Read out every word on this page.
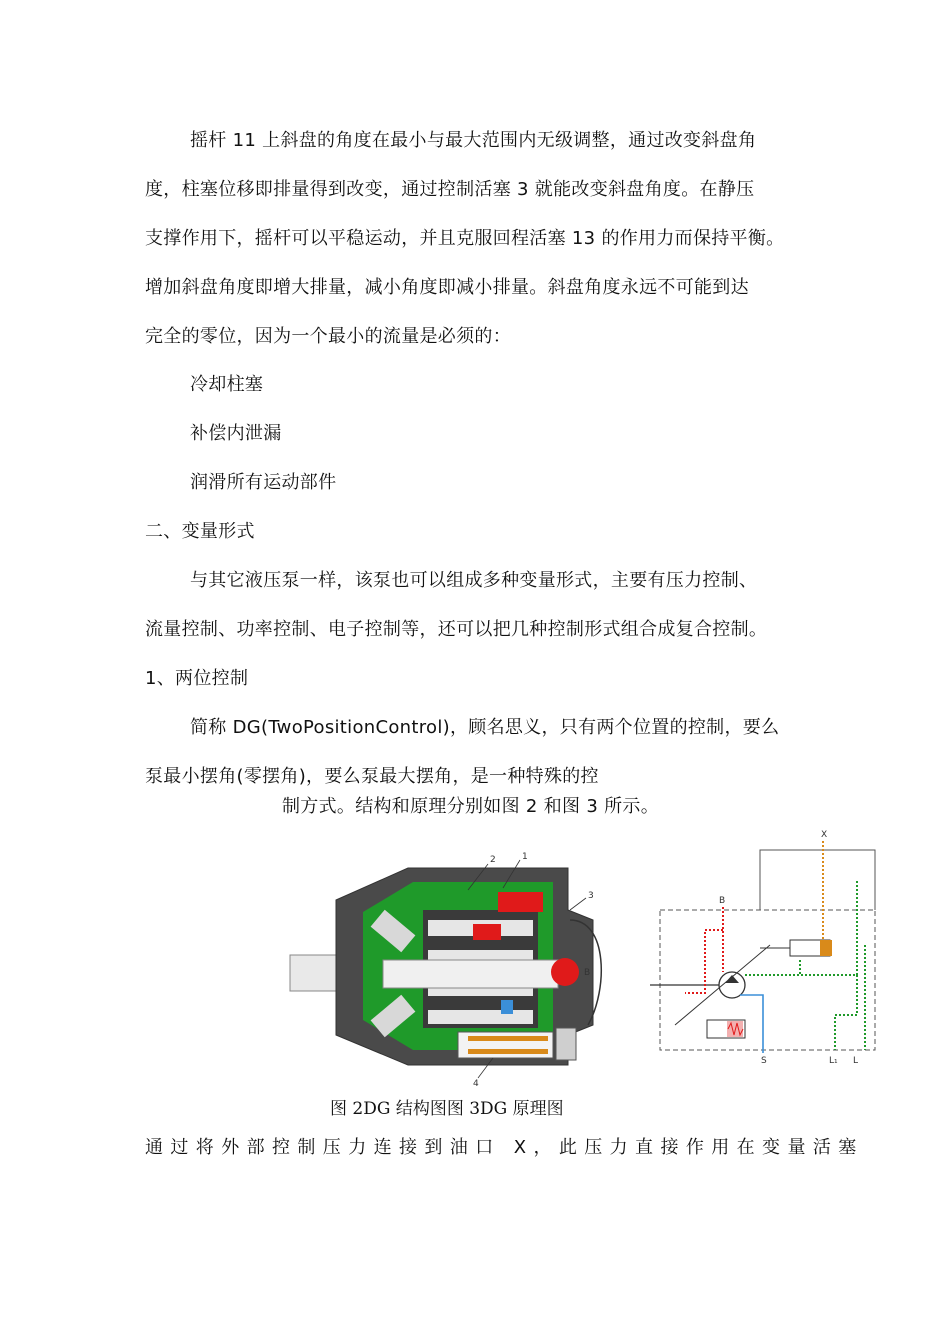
摇杆 11 上斜盘的角度在最小与最大范围内无级调整，通过改变斜盘角
度，柱塞位移即排量得到改变，通过控制活塞 3 就能改变斜盘角度。在静压
支撑作用下，摇杆可以平稳运动，并且克服回程活塞 13 的作用力而保持平衡。
增加斜盘角度即增大排量，减小角度即减小排量。斜盘角度永远不可能到达
完全的零位，因为一个最小的流量是必须的：
冷却柱塞
补偿内泄漏
润滑所有运动部件
二、变量形式
与其它液压泵一样，该泵也可以组成多种变量形式，主要有压力控制、
流量控制、功率控制、电子控制等，还可以把几种控制形式组合成复合控制。
1、两位控制
简称 DG(TwoPositionControl)，顾名思义，只有两个位置的控制，要么
泵最小摆角(零摆角)，要么泵最大摆角，是一种特殊的控
制方式。结构和原理分别如图 2 和图 3 所示。
2	1
3
B
4
X
B
S	L₁ L
图 2DG 结构图图 3DG 原理图
通过将外部控制压力连接到油口 X，此压力直接作用在变量活塞
